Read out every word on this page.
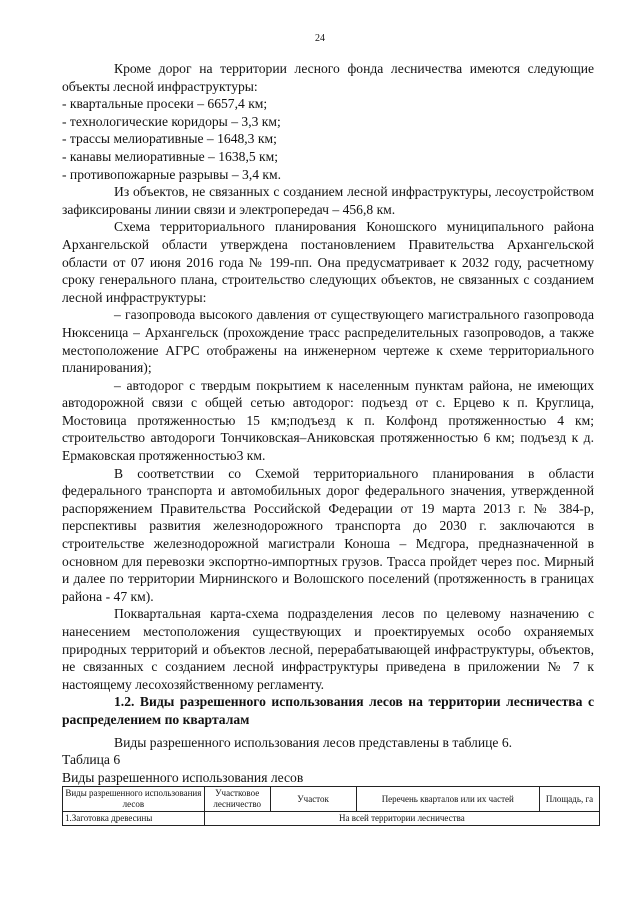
24

Кроме дорог на территории лесного фонда лесничества имеются следующие объекты лесной инфраструктуры:

- квартальные просеки – 6657,4 км;
- технологические коридоры – 3,3 км;
- трассы мелиоративные – 1648,3 км;
- канавы мелиоративные – 1638,5 км;
- противопожарные разрывы – 3,4 км.

Из объектов, не связанных с созданием лесной инфраструктуры, лесоустройством зафиксированы линии связи и электропередач – 456,8 км.

Схема территориального планирования Коношского муниципального района Архангельской области утверждена постановлением Правительства Архангельской области от 07 июня 2016 года № 199-пп. Она предусматривает к 2032 году, расчетному сроку генерального плана, строительство следующих объектов, не связанных с созданием лесной инфраструктуры:

– газопровода высокого давления от существующего магистрального газопровода Нюксеница – Архангельск (прохождение трасс распределительных газопроводов, а также местоположение АГРС отображены на инженерном чертеже к схеме территориального планирования);

– автодорог с твердым покрытием к населенным пунктам района, не имеющих автодорожной связи с общей сетью автодорог: подъезд от с. Ерцево к п. Круглица, Мостовица протяженностью 15 км;подъезд к п. Колфонд протяженностью 4 км; строительство автодороги Тончиковская–Аниковская протяженностью 6 км; подъезд к д. Ермаковская протяженностью3 км.

В соответствии со Схемой территориального планирования в области федерального транспорта и автомобильных дорог федерального значения, утвержденной распоряжением Правительства Российской Федерации от 19 марта 2013 г. № 384-р, перспективы развития железнодорожного транспорта до 2030 г. заключаются в строительстве железнодорожной магистрали Коноша – Мєдгора, предназначенной в основном для перевозки экспортно-импортных грузов. Трасса пройдет через пос. Мирный и далее по территории Мирнинского и Волошского поселений (протяженность в границах района - 47 км).

Поквартальная карта-схема подразделения лесов по целевому назначению с нанесением местоположения существующих и проектируемых особо охраняемых природных территорий и объектов лесной, перерабатывающей инфраструктуры, объектов, не связанных с созданием лесной инфраструктуры приведена в приложении № 7 к настоящему лесохозяйственному регламенту.

1.2. Виды разрешенного использования лесов на территории лесничества с распределением по кварталам

Виды разрешенного использования лесов представлены в таблице 6.

Таблица 6

Виды разрешенного использования лесов

Виды разрешенного использования лесов	Участковое лесничество	Участок	Перечень кварталов или их частей	Площадь, га
1.Заготовка древесины	На всей территории лесничества			
